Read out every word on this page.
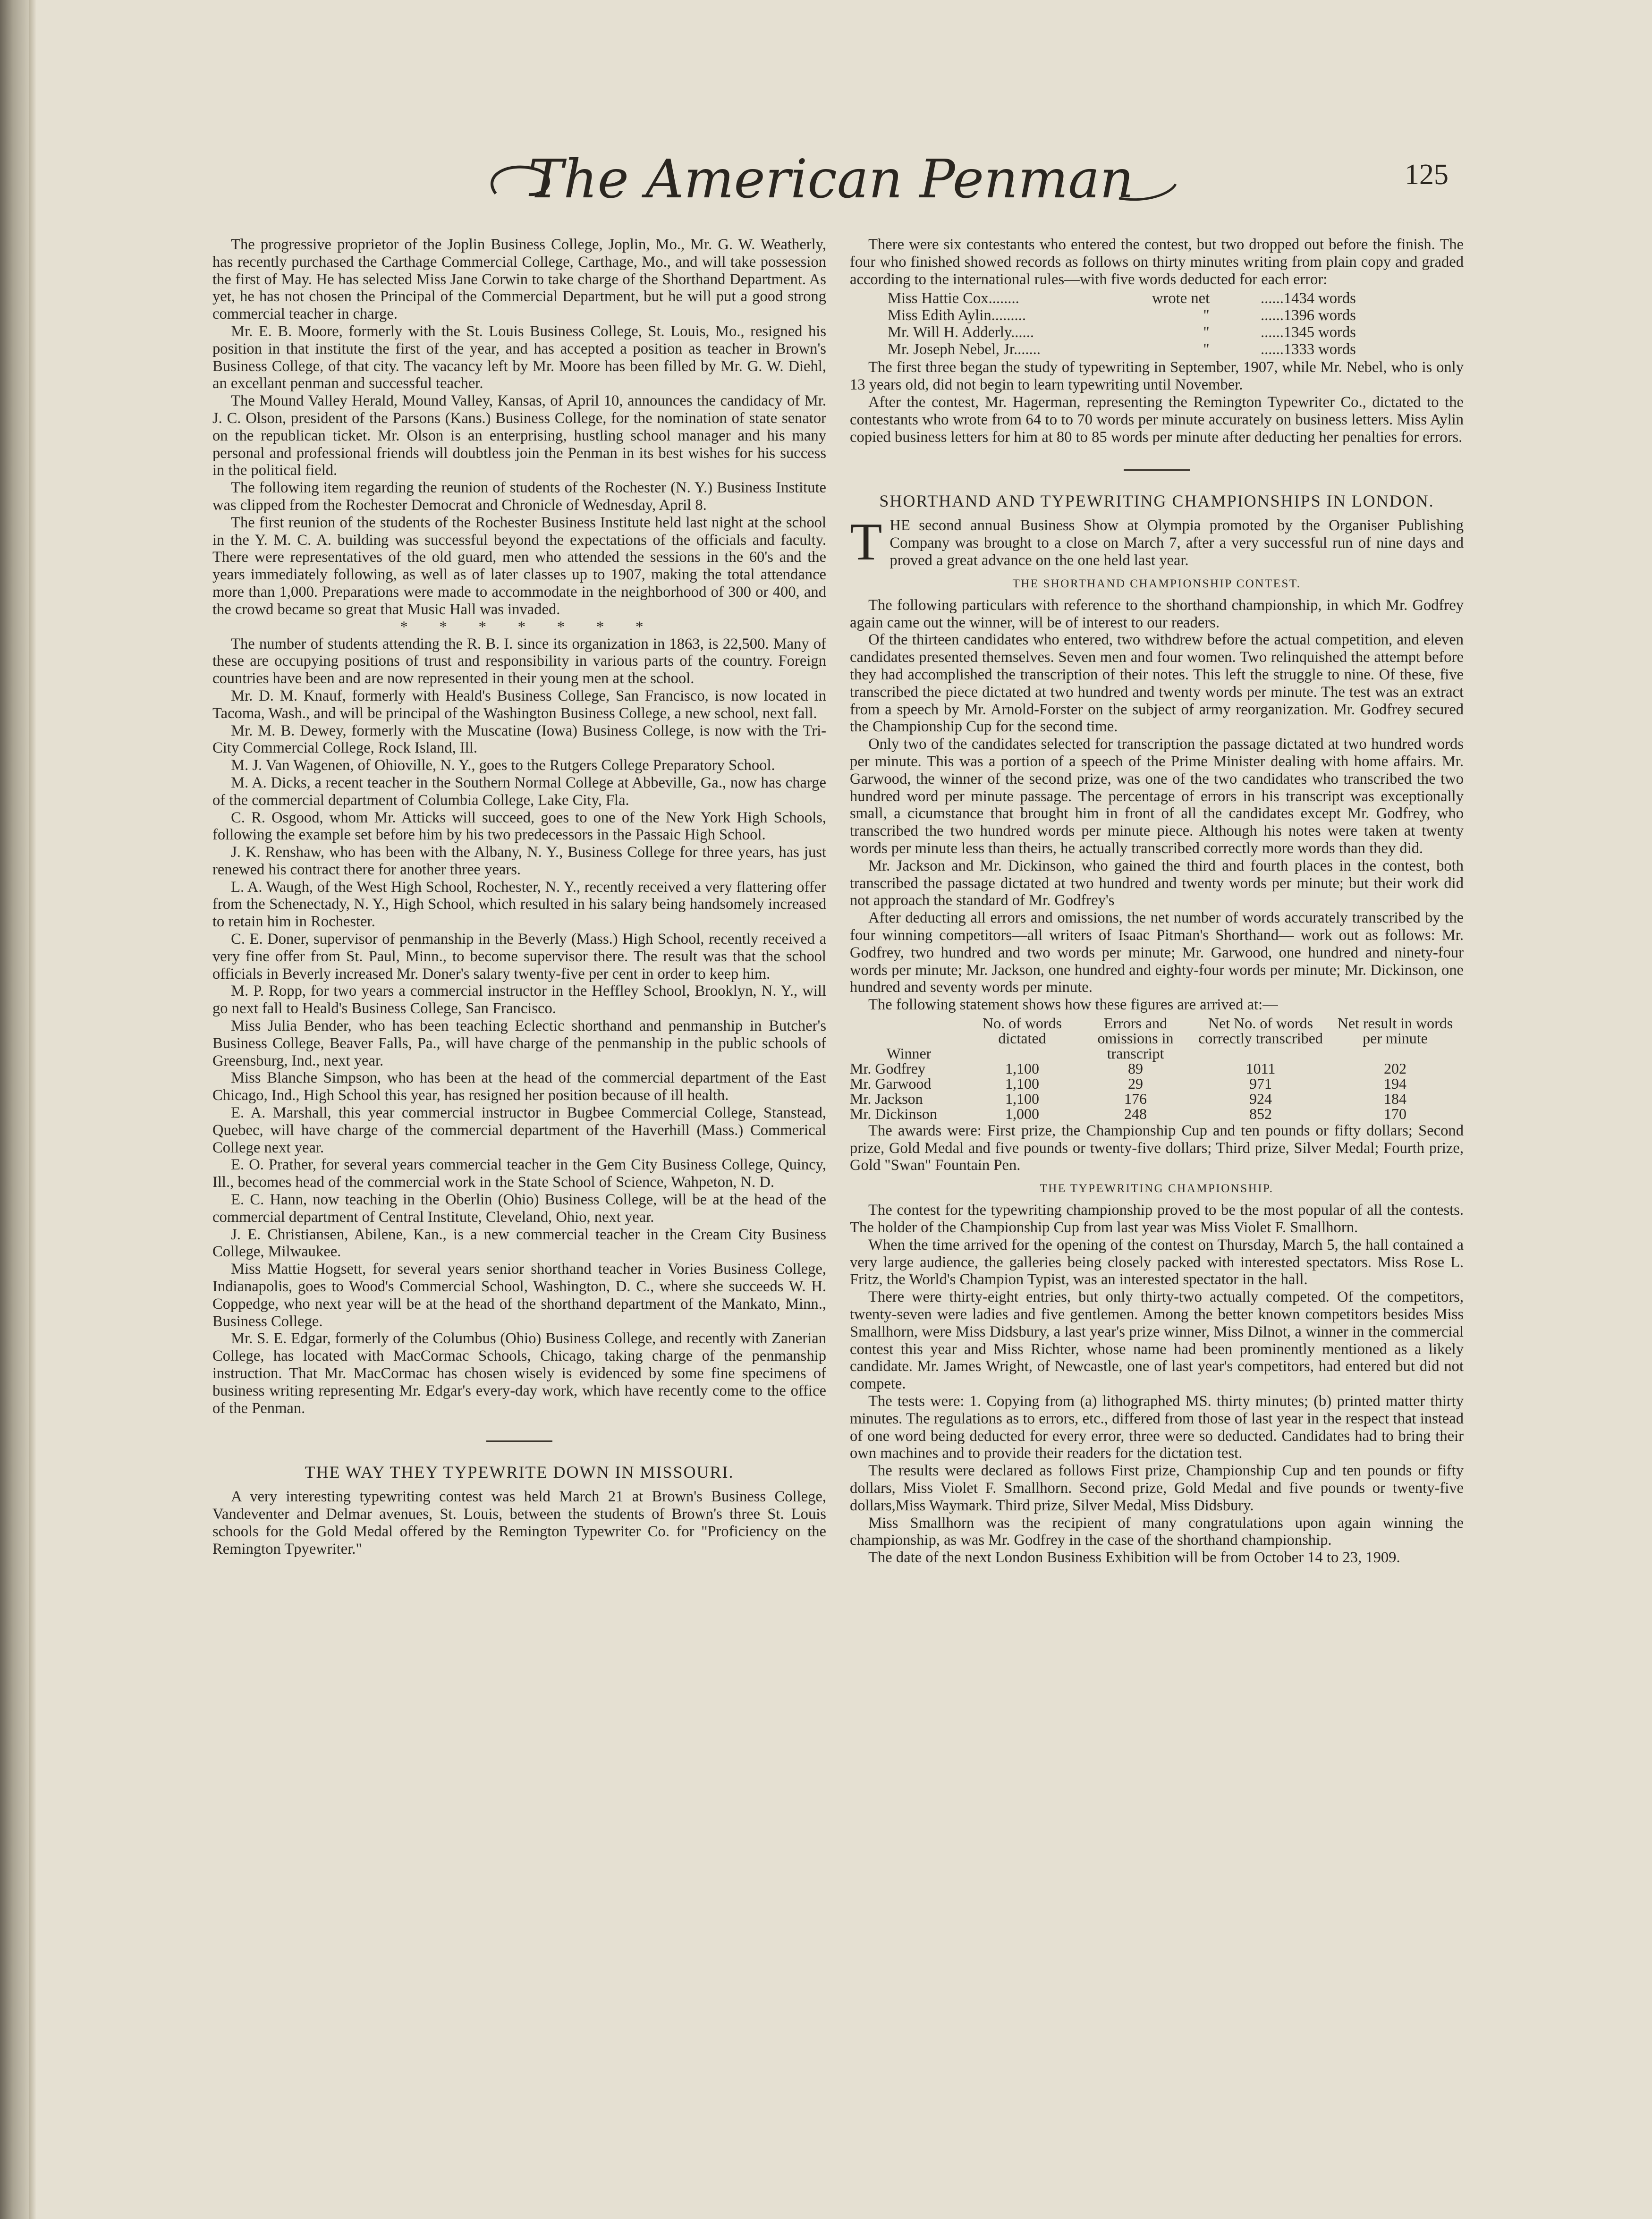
The American Penman	125

The progressive proprietor of the Joplin Business College, Joplin, Mo., Mr. G. W. Weatherly, has recently purchased the Carthage Commercial College, Carthage, Mo., and will take possession the first of May. He has selected Miss Jane Corwin to take charge of the Shorthand Department. As yet, he has not chosen the Principal of the Commercial Department, but he will put a good strong commercial teacher in charge.

Mr. E. B. Moore, formerly with the St. Louis Business College, St. Louis, Mo., resigned his position in that institute the first of the year, and has accepted a position as teacher in Brown's Business College, of that city. The vacancy left by Mr. Moore has been filled by Mr. G. W. Diehl, an excellant penman and successful teacher.

The Mound Valley Herald, Mound Valley, Kansas, of April 10, announces the candidacy of Mr. J. C. Olson, president of the Parsons (Kans.) Business College, for the nomination of state senator on the republican ticket. Mr. Olson is an enterprising, hustling school manager and his many personal and professional friends will doubtless join the Penman in its best wishes for his success in the political field.

The following item regarding the reunion of students of the Rochester (N. Y.) Business Institute was clipped from the Rochester Democrat and Chronicle of Wednesday, April 8.

The first reunion of the students of the Rochester Business Institute held last night at the school in the Y. M. C. A. building was successful beyond the expectations of the officials and faculty. There were representatives of the old guard, men who attended the sessions in the 60's and the years immediately following, as well as of later classes up to 1907, making the total attendance more than 1,000. Preparations were made to accommodate in the neighborhood of 300 or 400, and the crowd became so great that Music Hall was invaded.

* * * * * * *

The number of students attending the R. B. I. since its organization in 1863, is 22,500. Many of these are occupying positions of trust and responsibility in various parts of the country. Foreign countries have been and are now represented in their young men at the school.

Mr. D. M. Knauf, formerly with Heald's Business College, San Francisco, is now located in Tacoma, Wash., and will be principal of the Washington Business College, a new school, next fall.

Mr. M. B. Dewey, formerly with the Muscatine (Iowa) Business College, is now with the Tri-City Commercial College, Rock Island, Ill.

M. J. Van Wagenen, of Ohioville, N. Y., goes to the Rutgers College Preparatory School.

M. A. Dicks, a recent teacher in the Southern Normal College at Abbeville, Ga., now has charge of the commercial department of Columbia College, Lake City, Fla.

C. R. Osgood, whom Mr. Atticks will succeed, goes to one of the New York High Schools, following the example set before him by his two predecessors in the Passaic High School.

J. K. Renshaw, who has been with the Albany, N. Y., Business College for three years, has just renewed his contract there for another three years.

L. A. Waugh, of the West High School, Rochester, N. Y., recently received a very flattering offer from the Schenectady, N. Y., High School, which resulted in his salary being handsomely increased to retain him in Rochester.

C. E. Doner, supervisor of penmanship in the Beverly (Mass.) High School, recently received a very fine offer from St. Paul, Minn., to become supervisor there. The result was that the school officials in Beverly increased Mr. Doner's salary twenty-five per cent in order to keep him.

M. P. Ropp, for two years a commercial instructor in the Heffley School, Brooklyn, N. Y., will go next fall to Heald's Business College, San Francisco.

Miss Julia Bender, who has been teaching Eclectic shorthand and penmanship in Butcher's Business College, Beaver Falls, Pa., will have charge of the penmanship in the public schools of Greensburg, Ind., next year.

Miss Blanche Simpson, who has been at the head of the commercial department of the East Chicago, Ind., High School this year, has resigned her position because of ill health.

E. A. Marshall, this year commercial instructor in Bugbee Commercial College, Stanstead, Quebec, will have charge of the commercial department of the Haverhill (Mass.) Commerical College next year.

E. O. Prather, for several years commercial teacher in the Gem City Business College, Quincy, Ill., becomes head of the commercial work in the State School of Science, Wahpeton, N. D.

E. C. Hann, now teaching in the Oberlin (Ohio) Business College, will be at the head of the commercial department of Central Institute, Cleveland, Ohio, next year.

J. E. Christiansen, Abilene, Kan., is a new commercial teacher in the Cream City Business College, Milwaukee.

Miss Mattie Hogsett, for several years senior shorthand teacher in Vories Business College, Indianapolis, goes to Wood's Commercial School, Washington, D. C., where she succeeds W. H. Coppedge, who next year will be at the head of the shorthand department of the Mankato, Minn., Business College.

Mr. S. E. Edgar, formerly of the Columbus (Ohio) Business College, and recently with Zanerian College, has located with MacCormac Schools, Chicago, taking charge of the penmanship instruction. That Mr. MacCormac has chosen wisely is evidenced by some fine specimens of business writing representing Mr. Edgar's every-day work, which have recently come to the office of the Penman.

THE WAY THEY TYPEWRITE DOWN IN MISSOURI.

A very interesting typewriting contest was held March 21 at Brown's Business College, Vandeventer and Delmar avenues, St. Louis, between the students of Brown's three St. Louis schools for the Gold Medal offered by the Remington Typewriter Co. for "Proficiency on the Remington Tpyewriter."

There were six contestants who entered the contest, but two dropped out before the finish. The four who finished showed records as follows on thirty minutes writing from plain copy and graded according to the international rules—with five words deducted for each error:

Miss Hattie Cox........	wrote net	......1434 words
Miss Edith Aylin.........	"	......1396 words
Mr. Will H. Adderly......	"	......1345 words
Mr. Joseph Nebel, Jr.......	"	......1333 words

The first three began the study of typewriting in September, 1907, while Mr. Nebel, who is only 13 years old, did not begin to learn typewriting until November.

After the contest, Mr. Hagerman, representing the Remington Typewriter Co., dictated to the contestants who wrote from 64 to to 70 words per minute accurately on business letters. Miss Aylin copied business letters for him at 80 to 85 words per minute after deducting her penalties for errors.

SHORTHAND AND TYPEWRITING CHAMPIONSHIPS IN LONDON.

THE second annual Business Show at Olympia promoted by the Organiser Publishing Company was brought to a close on March 7, after a very successful run of nine days and proved a great advance on the one held last year.

THE SHORTHAND CHAMPIONSHIP CONTEST.

The following particulars with reference to the shorthand championship, in which Mr. Godfrey again came out the winner, will be of interest to our readers.

Of the thirteen candidates who entered, two withdrew before the actual competition, and eleven candidates presented themselves. Seven men and four women. Two relinquished the attempt before they had accomplished the transcription of their notes. This left the struggle to nine. Of these, five transcribed the piece dictated at two hundred and twenty words per minute. The test was an extract from a speech by Mr. Arnold-Forster on the subject of army reorganization. Mr. Godfrey secured the Championship Cup for the second time.

Only two of the candidates selected for transcription the passage dictated at two hundred words per minute. This was a portion of a speech of the Prime Minister dealing with home affairs. Mr. Garwood, the winner of the second prize, was one of the two candidates who transcribed the two hundred word per minute passage. The percentage of errors in his transcript was exceptionally small, a cicumstance that brought him in front of all the candidates except Mr. Godfrey, who transcribed the two hundred words per minute piece. Although his notes were taken at twenty words per minute less than theirs, he actually transcribed correctly more words than they did.

Mr. Jackson and Mr. Dickinson, who gained the third and fourth places in the contest, both transcribed the passage dictated at two hundred and twenty words per minute; but their work did not approach the standard of Mr. Godfrey's

After deducting all errors and omissions, the net number of words accurately transcribed by the four winning competitors—all writers of Isaac Pitman's Shorthand— work out as follows: Mr. Godfrey, two hundred and two words per minute; Mr. Garwood, one hundred and ninety-four words per minute; Mr. Jackson, one hundred and eighty-four words per minute; Mr. Dickinson, one hundred and seventy words per minute.

The following statement shows how these figures are arrived at:—

Winner	No. of words dictated	Errors and omissions in transcript	Net No. of words correctly transcribed	Net result in words per minute
Mr. Godfrey	1,100	89	1011	202
Mr. Garwood	1,100	29	971	194
Mr. Jackson	1,100	176	924	184
Mr. Dickinson	1,000	248	852	170

The awards were: First prize, the Championship Cup and ten pounds or fifty dollars; Second prize, Gold Medal and five pounds or twenty-five dollars; Third prize, Silver Medal; Fourth prize, Gold "Swan" Fountain Pen.

THE TYPEWRITING CHAMPIONSHIP.

The contest for the typewriting championship proved to be the most popular of all the contests. The holder of the Championship Cup from last year was Miss Violet F. Smallhorn.

When the time arrived for the opening of the contest on Thursday, March 5, the hall contained a very large audience, the galleries being closely packed with interested spectators. Miss Rose L. Fritz, the World's Champion Typist, was an interested spectator in the hall.

There were thirty-eight entries, but only thirty-two actually competed. Of the competitors, twenty-seven were ladies and five gentlemen. Among the better known competitors besides Miss Smallhorn, were Miss Didsbury, a last year's prize winner, Miss Dilnot, a winner in the commercial contest this year and Miss Richter, whose name had been prominently mentioned as a likely candidate. Mr. James Wright, of Newcastle, one of last year's competitors, had entered but did not compete.

The tests were: 1. Copying from (a) lithographed MS. thirty minutes; (b) printed matter thirty minutes. The regulations as to errors, etc., differed from those of last year in the respect that instead of one word being deducted for every error, three were so deducted. Candidates had to bring their own machines and to provide their readers for the dictation test.

The results were declared as follows First prize, Championship Cup and ten pounds or fifty dollars, Miss Violet F. Smallhorn. Second prize, Gold Medal and five pounds or twenty-five dollars,Miss Waymark. Third prize, Silver Medal, Miss Didsbury.

Miss Smallhorn was the recipient of many congratulations upon again winning the championship, as was Mr. Godfrey in the case of the shorthand championship.

The date of the next London Business Exhibition will be from October 14 to 23, 1909.
